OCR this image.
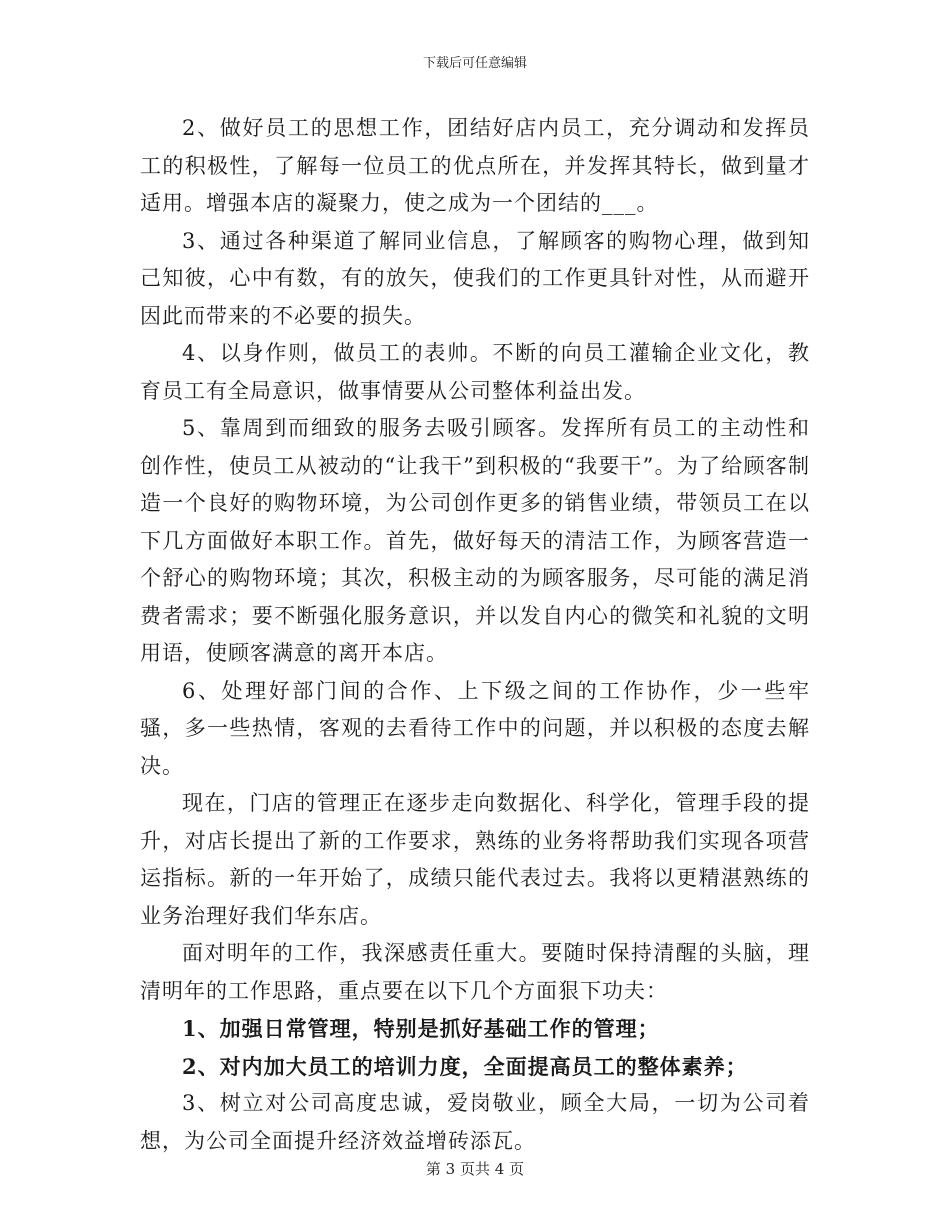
下载后可任意编辑

2、做好员工的思想工作，团结好店内员工，充分调动和发挥员工的积极性，了解每一位员工的优点所在，并发挥其特长，做到量才适用。增强本店的凝聚力，使之成为一个团结的___。

3、通过各种渠道了解同业信息，了解顾客的购物心理，做到知己知彼，心中有数，有的放矢，使我们的工作更具针对性，从而避开因此而带来的不必要的损失。

4、以身作则，做员工的表帅。不断的向员工灌输企业文化，教育员工有全局意识，做事情要从公司整体利益出发。

5、靠周到而细致的服务去吸引顾客。发挥所有员工的主动性和创作性，使员工从被动的“让我干”到积极的“我要干”。为了给顾客制造一个良好的购物环境，为公司创作更多的销售业绩，带领员工在以下几方面做好本职工作。首先，做好每天的清洁工作，为顾客营造一个舒心的购物环境；其次，积极主动的为顾客服务，尽可能的满足消费者需求；要不断强化服务意识，并以发自内心的微笑和礼貌的文明用语，使顾客满意的离开本店。

6、处理好部门间的合作、上下级之间的工作协作，少一些牢骚，多一些热情，客观的去看待工作中的问题，并以积极的态度去解决。

现在，门店的管理正在逐步走向数据化、科学化，管理手段的提升，对店长提出了新的工作要求，熟练的业务将帮助我们实现各项营运指标。新的一年开始了，成绩只能代表过去。我将以更精湛熟练的业务治理好我们华东店。

面对明年的工作，我深感责任重大。要随时保持清醒的头脑，理清明年的工作思路，重点要在以下几个方面狠下功夫：

1、加强日常管理，特别是抓好基础工作的管理；

2、对内加大员工的培训力度，全面提高员工的整体素养；

3、树立对公司高度忠诚，爱岗敬业，顾全大局，一切为公司着想，为公司全面提升经济效益增砖添瓦。

第 3 页共 4 页
